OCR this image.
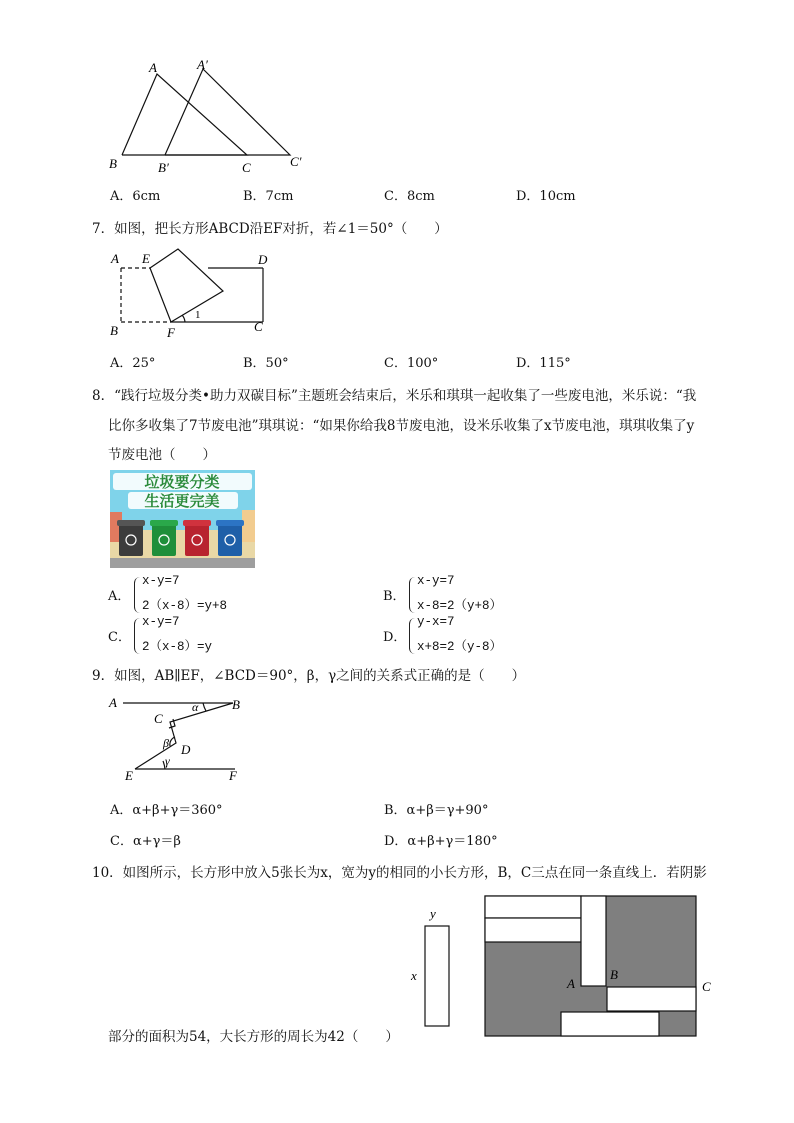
A	A′
B	B′	C	C′
A．6cm	B．7cm	C．8cm	D．10cm
7．如图，把长方形ABCD沿EF对折，若∠1＝50°（　　）
A E	D
B	F	C
1
A．25°	B．50°	C．100°	D．115°
8．“践行垃圾分类•助力双碳目标”主题班会结束后，米乐和琪琪一起收集了一些废电池，米乐说：“我
比你多收集了7节废电池”琪琪说：“如果你给我8节废电池，设米乐收集了x节废电池，琪琪收集了y
节废电池（　　）
垃圾要分类
生活更完美
A．
x-y=7
2（x-8）=y+8
B．
x-y=7
x-8=2（y+8）
C．
x-y=7
2（x-8）=y
D．
y-x=7
x+8=2（y-8）
9．如图，AB∥EF，∠BCD＝90°，β，γ之间的关系式正确的是（　　）
A	B
C
D
E	F
α
β
γ
A．α+β+γ＝360°	B．α+β＝γ+90°
C．α+γ＝β	D．α+β+γ＝180°
10．如图所示，长方形中放入5张长为x，宽为y的相同的小长方形，B，C三点在同一条直线上．若阴影
y
x
A
B
C
部分的面积为54，大长方形的周长为42（　　）
